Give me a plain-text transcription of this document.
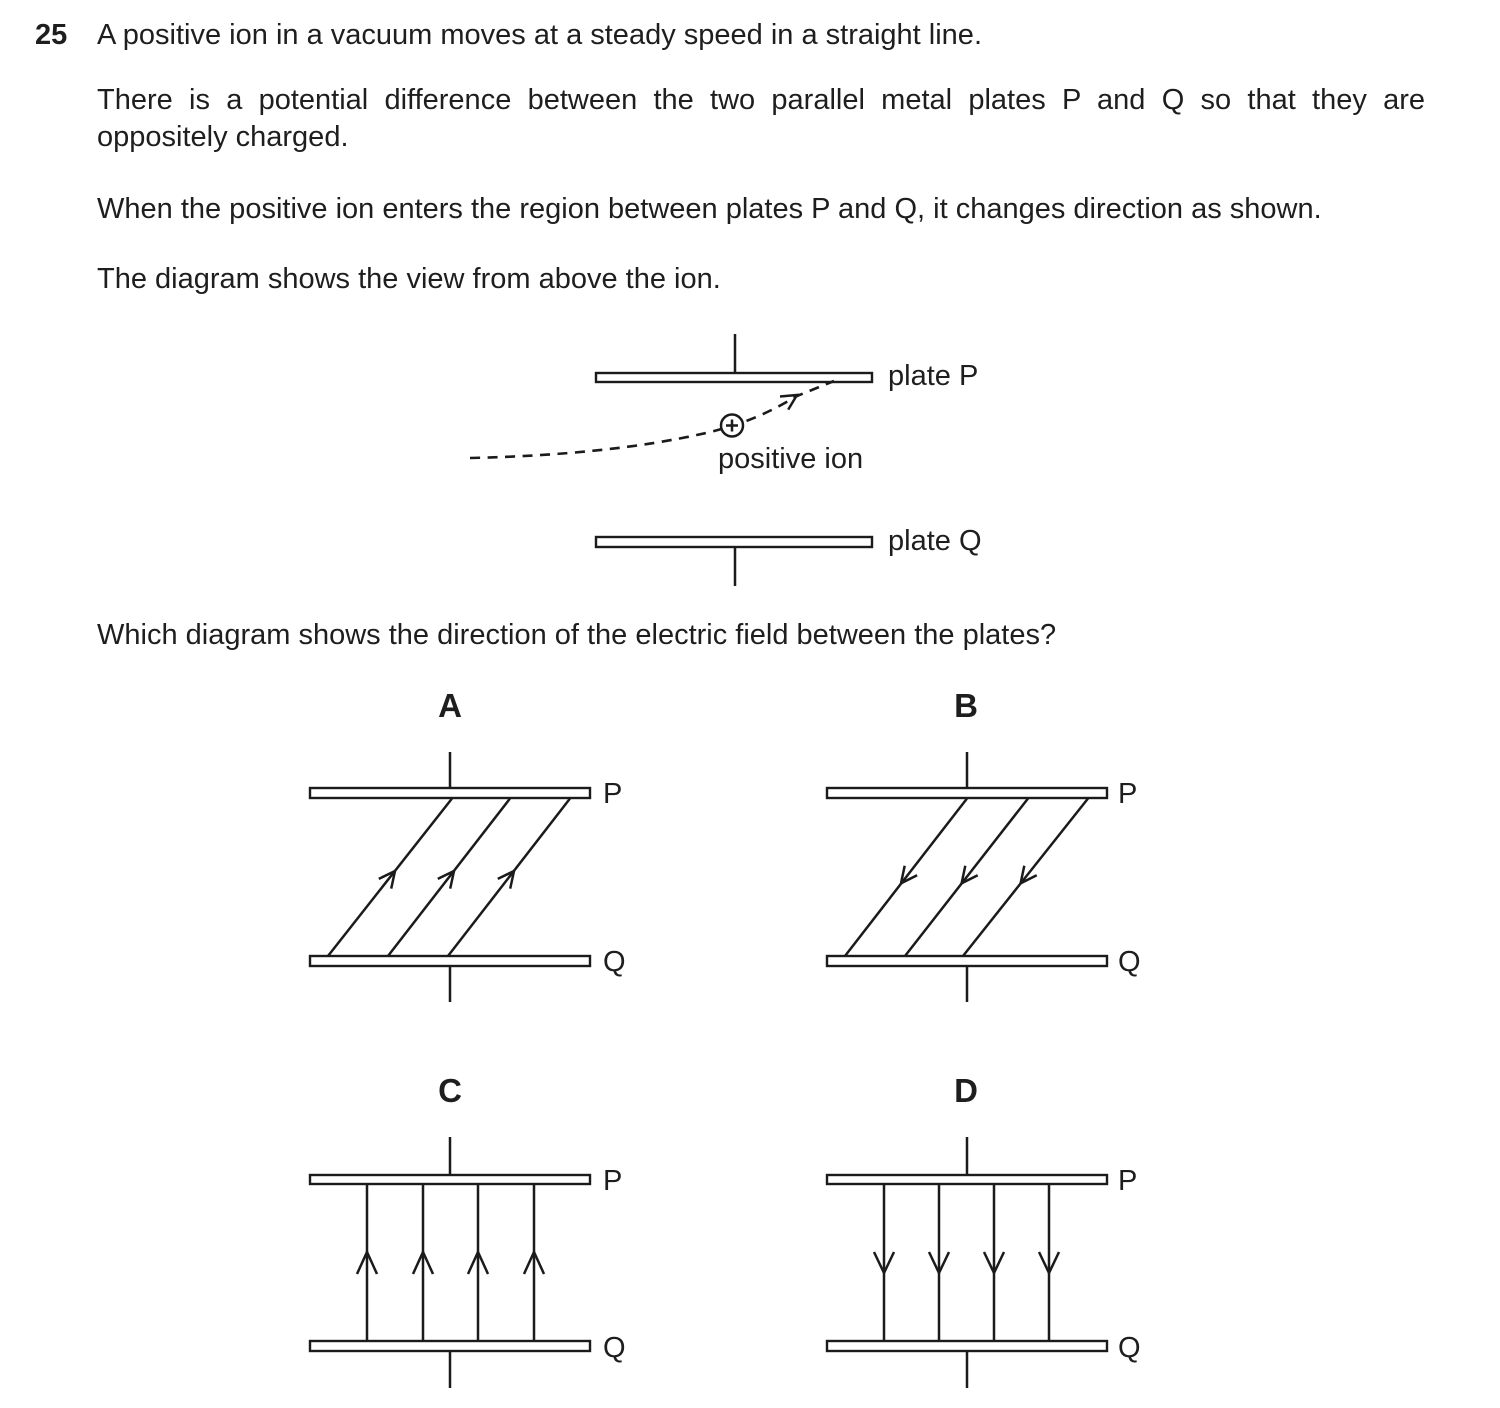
25 A positive ion in a vacuum moves at a steady speed in a straight line.
There is a potential difference between the two parallel metal plates P and Q so that they are
oppositely charged.
When the positive ion enters the region between plates P and Q, it changes direction as shown.
The diagram shows the view from above the ion.
plate P
positive ion
plate Q
Which diagram shows the direction of the electric field between the plates?
A	B
C	D
P
Q
P
Q
P
Q
P
Q
